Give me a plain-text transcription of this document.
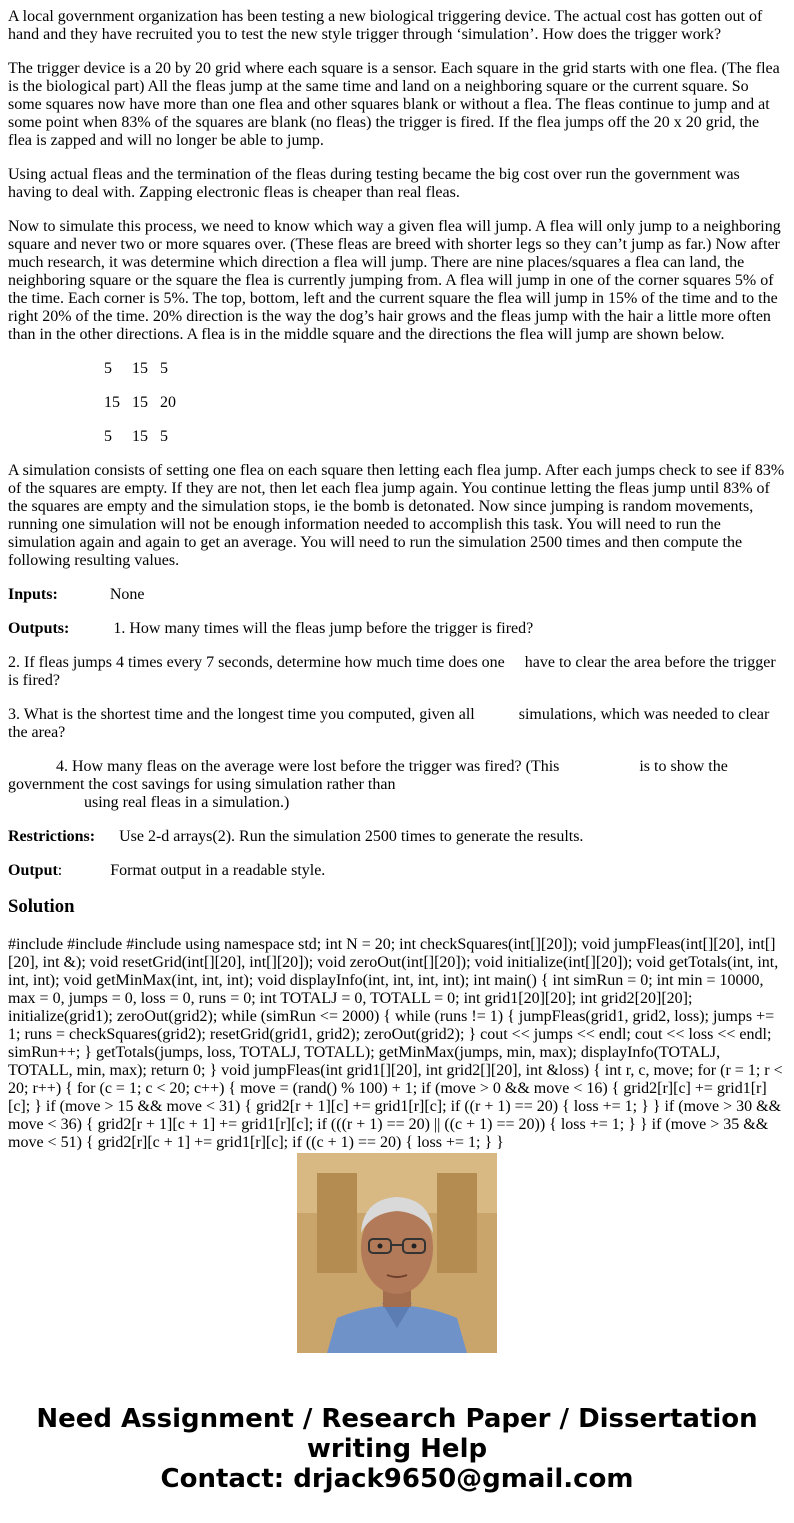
A local government organization has been testing a new biological triggering device. The actual cost has gotten out of hand and they have recruited you to test the new style trigger through ‘simulation’. How does the trigger work?

The trigger device is a 20 by 20 grid where each square is a sensor. Each square in the grid starts with one flea. (The flea is the biological part) All the fleas jump at the same time and land on a neighboring square or the current square. So some squares now have more than one flea and other squares blank or without a flea. The fleas continue to jump and at some point when 83% of the squares are blank (no fleas) the trigger is fired. If the flea jumps off the 20 x 20 grid, the flea is zapped and will no longer be able to jump.

Using actual fleas and the termination of the fleas during testing became the big cost over run the government was having to deal with. Zapping electronic fleas is cheaper than real fleas.

Now to simulate this process, we need to know which way a given flea will jump. A flea will only jump to a neighboring square and never two or more squares over. (These fleas are breed with shorter legs so they can’t jump as far.) Now after much research, it was determine which direction a flea will jump. There are nine places/squares a flea can land, the neighboring square or the square the flea is currently jumping from. A flea will jump in one of the corner squares 5% of the time. Each corner is 5%. The top, bottom, left and the current square the flea will jump in 15% of the time and to the right 20% of the time. 20% direction is the way the dog’s hair grows and the fleas jump with the hair a little more often than in the other directions. A flea is in the middle square and the directions the flea will jump are shown below.

5 15 5
15 15 20
5 15 5

A simulation consists of setting one flea on each square then letting each flea jump. After each jumps check to see if 83% of the squares are empty. If they are not, then let each flea jump again. You continue letting the fleas jump until 83% of the squares are empty and the simulation stops, ie the bomb is detonated. Now since jumping is random movements, running one simulation will not be enough information needed to accomplish this task. You will need to run the simulation again and again to get an average. You will need to run the simulation 2500 times and then compute the following resulting values.

Inputs:	None

Outputs:	1. How many times will the fleas jump before the trigger is fired?

2. If fleas jumps 4 times every 7 seconds, determine how much time does one have to clear the area before the trigger is fired?

3. What is the shortest time and the longest time you computed, given all	simulations, which was needed to clear the area?

4. How many fleas on the average were lost before the trigger was fired? (This	is to show the government the cost savings for using simulation rather than
using real fleas in a simulation.)

Restrictions: Use 2-d arrays(2). Run the simulation 2500 times to generate the results.

Output:	Format output in a readable style.

Solution

#include #include #include using namespace std; int N = 20; int checkSquares(int[][20]); void jumpFleas(int[][20], int[][20], int &); void resetGrid(int[][20], int[][20]); void zeroOut(int[][20]); void initialize(int[][20]); void getTotals(int, int, int, int); void getMinMax(int, int, int); void displayInfo(int, int, int, int); int main() { int simRun = 0; int min = 10000, max = 0, jumps = 0, loss = 0, runs = 0; int TOTALJ = 0, TOTALL = 0; int grid1[20][20]; int grid2[20][20]; initialize(grid1); zeroOut(grid2); while (simRun <= 2000) { while (runs != 1) { jumpFleas(grid1, grid2, loss); jumps += 1; runs = checkSquares(grid2); resetGrid(grid1, grid2); zeroOut(grid2); } cout << jumps << endl; cout << loss << endl; simRun++; } getTotals(jumps, loss, TOTALJ, TOTALL); getMinMax(jumps, min, max); displayInfo(TOTALJ, TOTALL, min, max); return 0; } void jumpFleas(int grid1[][20], int grid2[][20], int &loss) { int r, c, move; for (r = 1; r < 20; r++) { for (c = 1; c < 20; c++) { move = (rand() % 100) + 1; if (move > 0 && move < 16) { grid2[r][c] += grid1[r][c]; } if (move > 15 && move < 31) { grid2[r + 1][c] += grid1[r][c]; if ((r + 1) == 20) { loss += 1; } } if (move > 30 && move < 36) { grid2[r + 1][c + 1] += grid1[r][c]; if (((r + 1) == 20) || ((c + 1) == 20)) { loss += 1; } } if (move > 35 && move < 51) { grid2[r][c + 1] += grid1[r][c]; if ((c + 1) == 20) { loss += 1; } }

Need Assignment / Research Paper / Dissertation
writing Help
Contact: drjack9650@gmail.com
